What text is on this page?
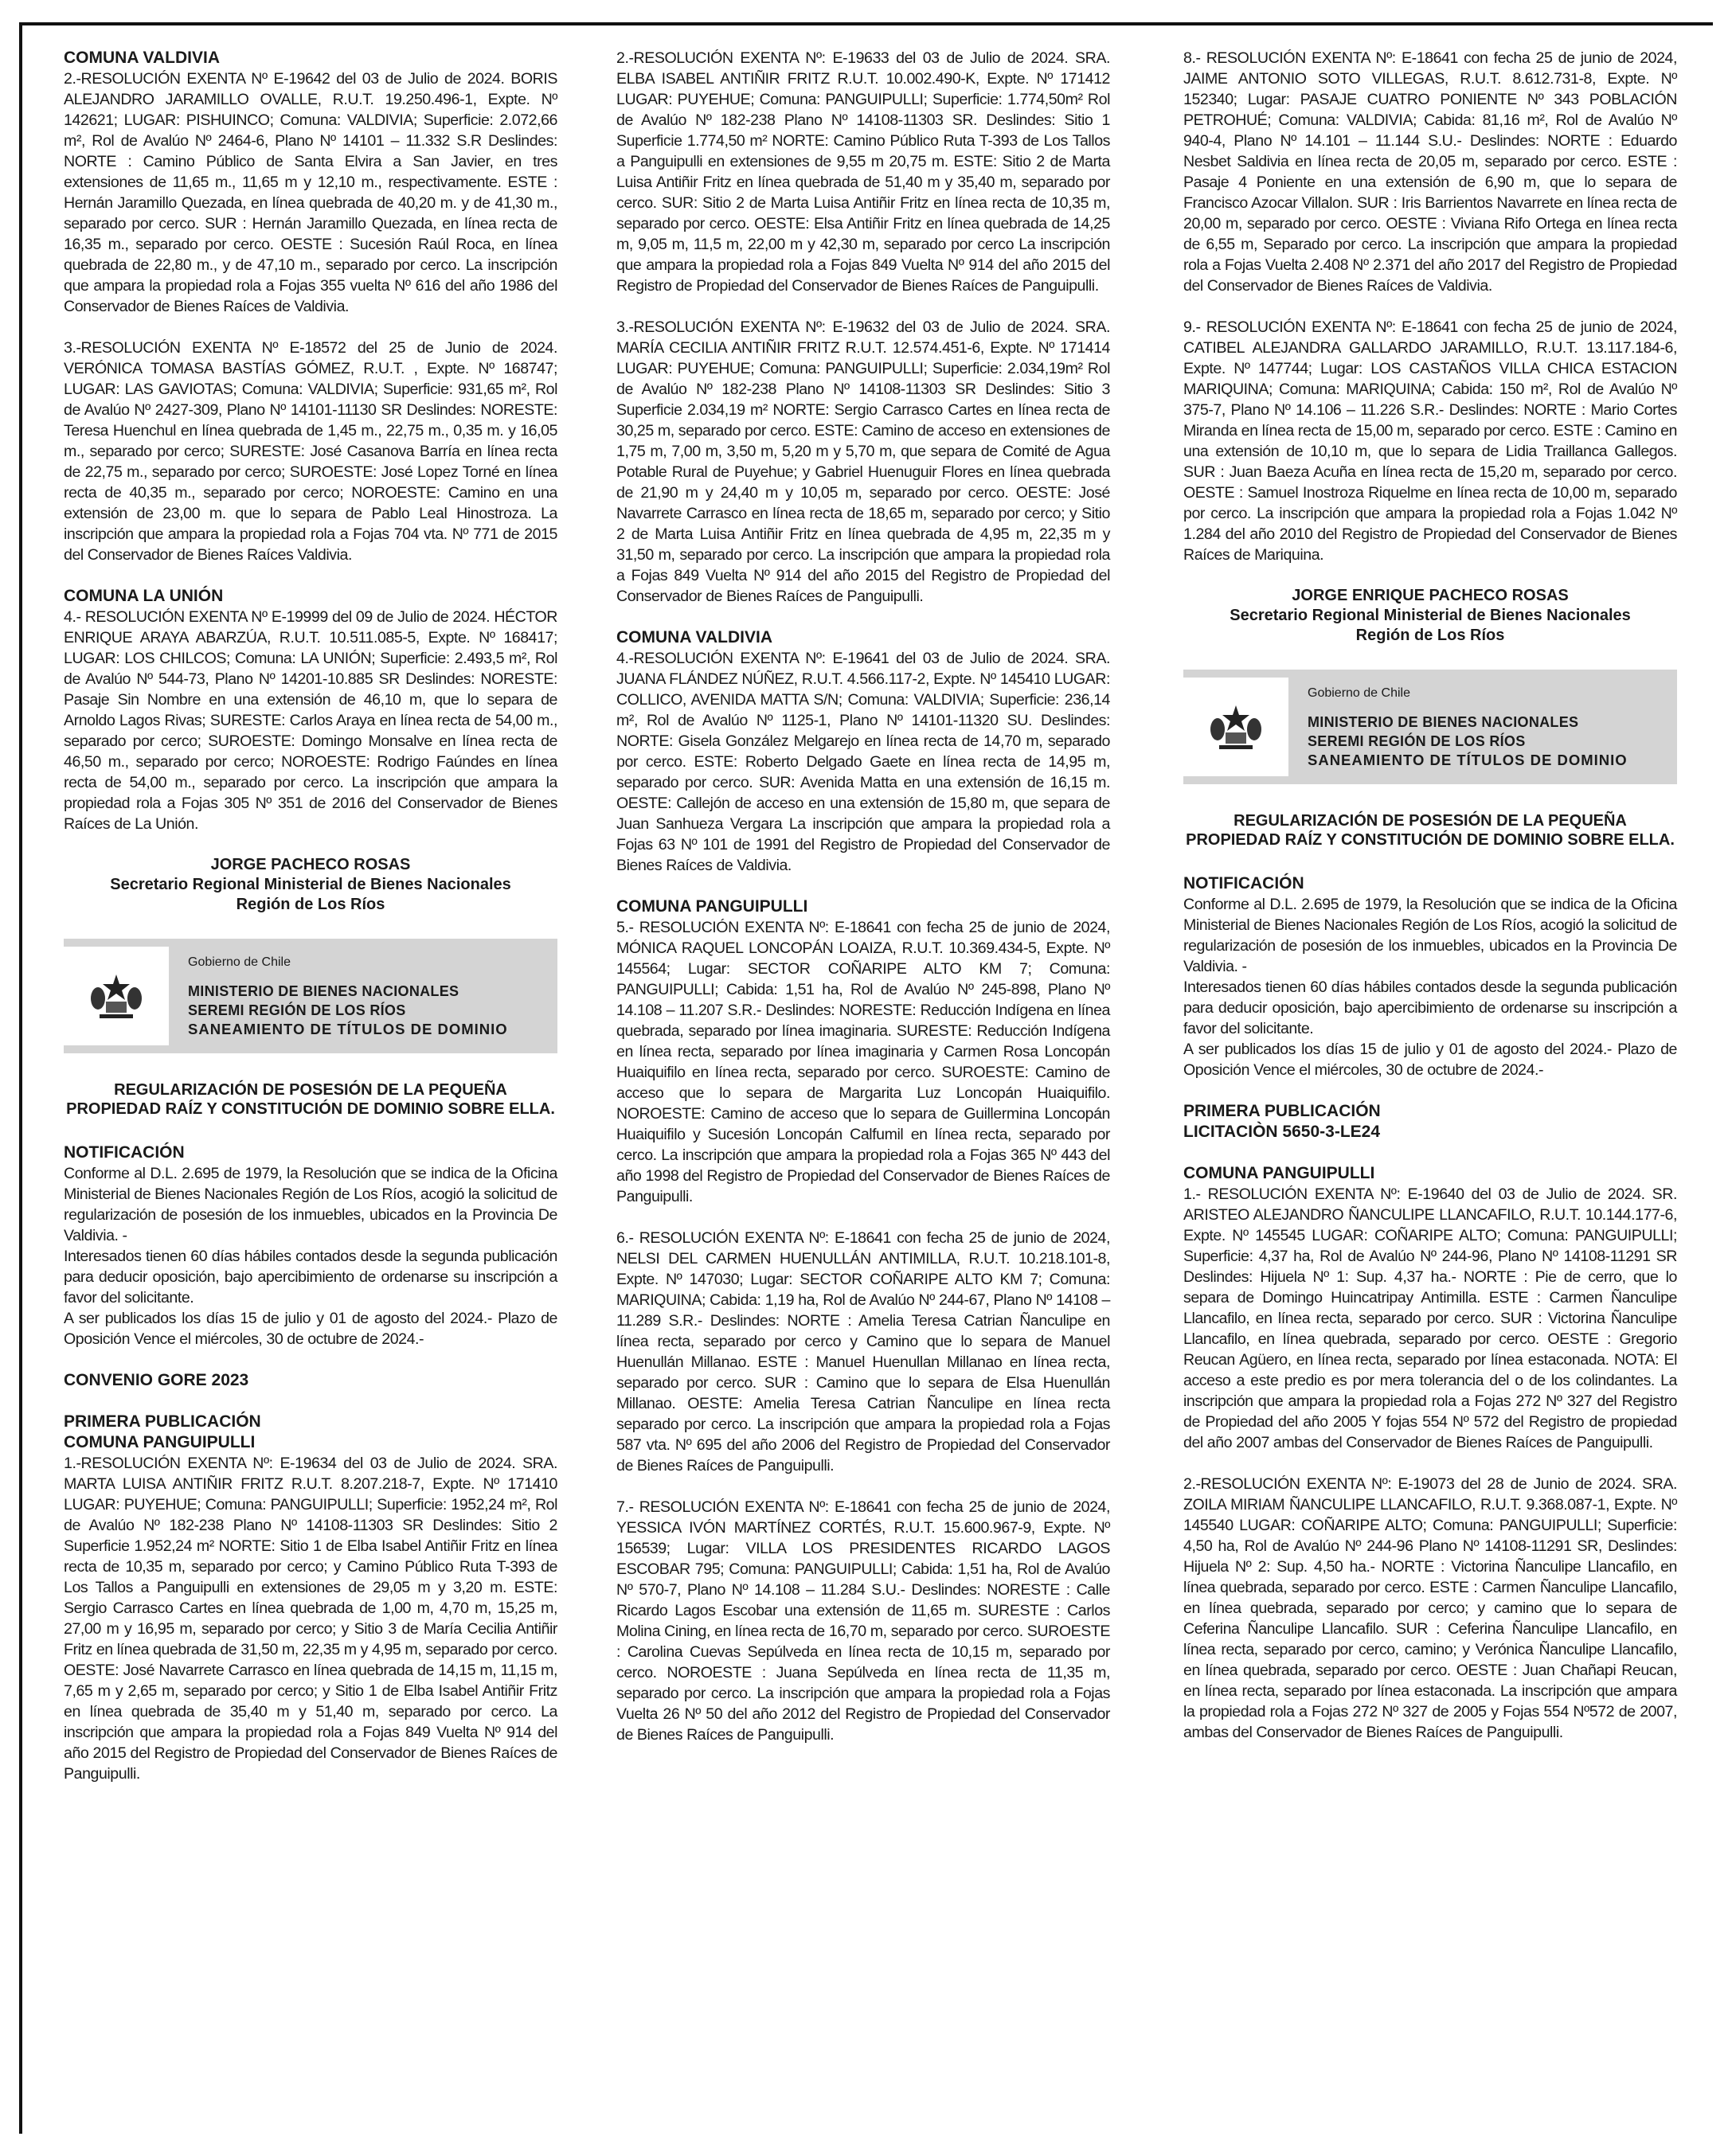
COMUNA VALDIVIA

2.-RESOLUCIÓN EXENTA Nº E-19642 del 03 de Julio de 2024. BORIS ALEJANDRO JARAMILLO OVALLE, R.U.T. 19.250.496-1, Expte. Nº 142621; LUGAR: PISHUINCO; Comuna: VALDIVIA; Superficie: 2.072,66 m², Rol de Avalúo Nº 2464-6, Plano Nº 14101 – 11.332 S.R Deslindes: NORTE : Camino Público de Santa Elvira a San Javier, en tres extensiones de 11,65 m., 11,65 m y 12,10 m., respectivamente. ESTE : Hernán Jaramillo Quezada, en línea quebrada de 40,20 m. y de 41,30 m., separado por cerco. SUR : Hernán Jaramillo Quezada, en línea recta de 16,35 m., separado por cerco. OESTE : Sucesión Raúl Roca, en línea quebrada de 22,80 m., y de 47,10 m., separado por cerco. La inscripción que ampara la propiedad rola a Fojas 355 vuelta Nº 616 del año 1986 del Conservador de Bienes Raíces de Valdivia.

3.-RESOLUCIÓN EXENTA Nº E-18572 del 25 de Junio de 2024. VERÓNICA TOMASA BASTÍAS GÓMEZ, R.U.T. , Expte. Nº 168747; LUGAR: LAS GAVIOTAS; Comuna: VALDIVIA; Superficie: 931,65 m², Rol de Avalúo Nº 2427-309, Plano Nº 14101-11130 SR Deslindes: NORESTE: Teresa Huenchul en línea quebrada de 1,45 m., 22,75 m., 0,35 m. y 16,05 m., separado por cerco; SURESTE: José Casanova Barría en línea recta de 22,75 m., separado por cerco; SUROESTE: José Lopez Torné en línea recta de 40,35 m., separado por cerco; NOROESTE: Camino en una extensión de 23,00 m. que lo separa de Pablo Leal Hinostroza. La inscripción que ampara la propiedad rola a Fojas 704 vta. Nº 771 de 2015 del Conservador de Bienes Raíces Valdivia.

COMUNA LA UNIÓN

4.- RESOLUCIÓN EXENTA Nº E-19999 del 09 de Julio de 2024. HÉCTOR ENRIQUE ARAYA ABARZÚA, R.U.T. 10.511.085-5, Expte. Nº 168417; LUGAR: LOS CHILCOS; Comuna: LA UNIÓN; Superficie: 2.493,5 m², Rol de Avalúo Nº 544-73, Plano Nº 14201-10.885 SR Deslindes: NORESTE: Pasaje Sin Nombre en una extensión de 46,10 m, que lo separa de Arnoldo Lagos Rivas; SURESTE: Carlos Araya en línea recta de 54,00 m., separado por cerco; SUROESTE: Domingo Monsalve en línea recta de 46,50 m., separado por cerco; NOROESTE: Rodrigo Faúndes en línea recta de 54,00 m., separado por cerco. La inscripción que ampara la propiedad rola a Fojas 305 Nº 351 de 2016 del Conservador de Bienes Raíces de La Unión.

JORGE PACHECO ROSAS
Secretario Regional Ministerial de Bienes Nacionales
Región de Los Ríos
Gobierno de Chile
MINISTERIO DE BIENES NACIONALES
SEREMI REGIÓN DE LOS RÍOS
SANEAMIENTO DE TÍTULOS DE DOMINIO
REGULARIZACIÓN DE POSESIÓN DE LA PEQUEÑA
PROPIEDAD RAÍZ Y CONSTITUCIÓN DE DOMINIO SOBRE ELLA.
NOTIFICACIÓN
Conforme al D.L. 2.695 de 1979, la Resolución que se indica de la Oficina Ministerial de Bienes Nacionales Región de Los Ríos, acogió la solicitud de regularización de posesión de los inmuebles, ubicados en la Provincia De Valdivia. -
Interesados tienen 60 días hábiles contados desde la segunda publicación para deducir oposición, bajo apercibimiento de ordenarse su inscripción a favor del solicitante.
A ser publicados los días 15 de julio y 01 de agosto del 2024.- Plazo de Oposición Vence el miércoles, 30 de octubre de 2024.-
CONVENIO GORE 2023
PRIMERA PUBLICACIÓN
COMUNA PANGUIPULLI

1.-RESOLUCIÓN EXENTA Nº: E-19634 del 03 de Julio de 2024. SRA. MARTA LUISA ANTIÑIR FRITZ R.U.T. 8.207.218-7, Expte. Nº 171410 LUGAR: PUYEHUE; Comuna: PANGUIPULLI; Superficie: 1952,24 m², Rol de Avalúo Nº 182-238 Plano Nº 14108-11303 SR Deslindes: Sitio 2 Superficie 1.952,24 m² NORTE: Sitio 1 de Elba Isabel Antiñir Fritz en línea recta de 10,35 m, separado por cerco; y Camino Público Ruta T-393 de Los Tallos a Panguipulli en extensiones de 29,05 m y 3,20 m. ESTE: Sergio Carrasco Cartes en línea quebrada de 1,00 m, 4,70 m, 15,25 m, 27,00 m y 16,95 m, separado por cerco; y Sitio 3 de María Cecilia Antiñir Fritz en línea quebrada de 31,50 m, 22,35 m y 4,95 m, separado por cerco. OESTE: José Navarrete Carrasco en línea quebrada de 14,15 m, 11,15 m, 7,65 m y 2,65 m, separado por cerco; y Sitio 1 de Elba Isabel Antiñir Fritz en línea quebrada de 35,40 m y 51,40 m, separado por cerco. La inscripción que ampara la propiedad rola a Fojas 849 Vuelta Nº 914 del año 2015 del Registro de Propiedad del Conservador de Bienes Raíces de Panguipulli.

2.-RESOLUCIÓN EXENTA Nº: E-19633 del 03 de Julio de 2024. SRA. ELBA ISABEL ANTIÑIR FRITZ R.U.T. 10.002.490-K, Expte. Nº 171412 LUGAR: PUYEHUE; Comuna: PANGUIPULLI; Superficie: 1.774,50m² Rol de Avalúo Nº 182-238 Plano Nº 14108-11303 SR. Deslindes: Sitio 1 Superficie 1.774,50 m² NORTE: Camino Público Ruta T-393 de Los Tallos a Panguipulli en extensiones de 9,55 m 20,75 m. ESTE: Sitio 2 de Marta Luisa Antiñir Fritz en línea quebrada de 51,40 m y 35,40 m, separado por cerco. SUR: Sitio 2 de Marta Luisa Antiñir Fritz en línea recta de 10,35 m, separado por cerco. OESTE: Elsa Antiñir Fritz en línea quebrada de 14,25 m, 9,05 m, 11,5 m, 22,00 m y 42,30 m, separado por cerco La inscripción que ampara la propiedad rola a Fojas 849 Vuelta Nº 914 del año 2015 del Registro de Propiedad del Conservador de Bienes Raíces de Panguipulli.

3.-RESOLUCIÓN EXENTA Nº: E-19632 del 03 de Julio de 2024. SRA. MARÍA CECILIA ANTIÑIR FRITZ R.U.T. 12.574.451-6, Expte. Nº 171414 LUGAR: PUYEHUE; Comuna: PANGUIPULLI; Superficie: 2.034,19m² Rol de Avalúo Nº 182-238 Plano Nº 14108-11303 SR Deslindes: Sitio 3 Superficie 2.034,19 m² NORTE: Sergio Carrasco Cartes en línea recta de 30,25 m, separado por cerco. ESTE: Camino de acceso en extensiones de 1,75 m, 7,00 m, 3,50 m, 5,20 m y 5,70 m, que separa de Comité de Agua Potable Rural de Puyehue; y Gabriel Huenuguir Flores en línea quebrada de 21,90 m y 24,40 m y 10,05 m, separado por cerco. OESTE: José Navarrete Carrasco en línea recta de 18,65 m, separado por cerco; y Sitio 2 de Marta Luisa Antiñir Fritz en línea quebrada de 4,95 m, 22,35 m y 31,50 m, separado por cerco. La inscripción que ampara la propiedad rola a Fojas 849 Vuelta Nº 914 del año 2015 del Registro de Propiedad del Conservador de Bienes Raíces de Panguipulli.

COMUNA VALDIVIA

4.-RESOLUCIÓN EXENTA Nº: E-19641 del 03 de Julio de 2024. SRA. JUANA FLÁNDEZ NÚÑEZ, R.U.T. 4.566.117-2, Expte. Nº 145410 LUGAR: COLLICO, AVENIDA MATTA S/N; Comuna: VALDIVIA; Superficie: 236,14 m², Rol de Avalúo Nº 1125-1, Plano Nº 14101-11320 SU. Deslindes: NORTE: Gisela González Melgarejo en línea recta de 14,70 m, separado por cerco. ESTE: Roberto Delgado Gaete en línea recta de 14,95 m, separado por cerco. SUR: Avenida Matta en una extensión de 16,15 m. OESTE: Callejón de acceso en una extensión de 15,80 m, que separa de Juan Sanhueza Vergara La inscripción que ampara la propiedad rola a Fojas 63 Nº 101 de 1991 del Registro de Propiedad del Conservador de Bienes Raíces de Valdivia.

COMUNA PANGUIPULLI

5.- RESOLUCIÓN EXENTA Nº: E-18641 con fecha 25 de junio de 2024, MÓNICA RAQUEL LONCOPÁN LOAIZA, R.U.T. 10.369.434-5, Expte. Nº 145564; Lugar: SECTOR COÑARIPE ALTO KM 7; Comuna: PANGUIPULLI; Cabida: 1,51 ha, Rol de Avalúo Nº 245-898, Plano Nº 14.108 – 11.207 S.R.- Deslindes: NORESTE: Reducción Indígena en línea quebrada, separado por línea imaginaria. SURESTE: Reducción Indígena en línea recta, separado por línea imaginaria y Carmen Rosa Loncopán Huaiquifilo en línea recta, separado por cerco. SUROESTE: Camino de acceso que lo separa de Margarita Luz Loncopán Huaiquifilo. NOROESTE: Camino de acceso que lo separa de Guillermina Loncopán Huaiquifilo y Sucesión Loncopán Calfumil en línea recta, separado por cerco. La inscripción que ampara la propiedad rola a Fojas 365 Nº 443 del año 1998 del Registro de Propiedad del Conservador de Bienes Raíces de Panguipulli.

6.- RESOLUCIÓN EXENTA Nº: E-18641 con fecha 25 de junio de 2024, NELSI DEL CARMEN HUENULLÁN ANTIMILLA, R.U.T. 10.218.101-8, Expte. Nº 147030; Lugar: SECTOR COÑARIPE ALTO KM 7; Comuna: MARIQUINA; Cabida: 1,19 ha, Rol de Avalúo Nº 244-67, Plano Nº 14108 – 11.289 S.R.- Deslindes: NORTE : Amelia Teresa Catrian Ñanculipe en línea recta, separado por cerco y Camino que lo separa de Manuel Huenullán Millanao. ESTE : Manuel Huenullan Millanao en línea recta, separado por cerco. SUR : Camino que lo separa de Elsa Huenullán Millanao. OESTE: Amelia Teresa Catrian Ñanculipe en línea recta separado por cerco. La inscripción que ampara la propiedad rola a Fojas 587 vta. Nº 695 del año 2006 del Registro de Propiedad del Conservador de Bienes Raíces de Panguipulli.

7.- RESOLUCIÓN EXENTA Nº: E-18641 con fecha 25 de junio de 2024, YESSICA IVÓN MARTÍNEZ CORTÉS, R.U.T. 15.600.967-9, Expte. Nº 156539; Lugar: VILLA LOS PRESIDENTES RICARDO LAGOS ESCOBAR 795; Comuna: PANGUIPULLI; Cabida: 1,51 ha, Rol de Avalúo Nº 570-7, Plano Nº 14.108 – 11.284 S.U.- Deslindes: NORESTE : Calle Ricardo Lagos Escobar una extensión de 11,65 m. SURESTE : Carlos Molina Cining, en línea recta de 16,70 m, separado por cerco. SUROESTE : Carolina Cuevas Sepúlveda en línea recta de 10,15 m, separado por cerco. NOROESTE : Juana Sepúlveda en línea recta de 11,35 m, separado por cerco. La inscripción que ampara la propiedad rola a Fojas Vuelta 26 Nº 50 del año 2012 del Registro de Propiedad del Conservador de Bienes Raíces de Panguipulli.

8.- RESOLUCIÓN EXENTA Nº: E-18641 con fecha 25 de junio de 2024, JAIME ANTONIO SOTO VILLEGAS, R.U.T. 8.612.731-8, Expte. Nº 152340; Lugar: PASAJE CUATRO PONIENTE Nº 343 POBLACIÓN PETROHUÉ; Comuna: VALDIVIA; Cabida: 81,16 m², Rol de Avalúo Nº 940-4, Plano Nº 14.101 – 11.144 S.U.- Deslindes: NORTE : Eduardo Nesbet Saldivia en línea recta de 20,05 m, separado por cerco. ESTE : Pasaje 4 Poniente en una extensión de 6,90 m, que lo separa de Francisco Azocar Villalon. SUR : Iris Barrientos Navarrete en línea recta de 20,00 m, separado por cerco. OESTE : Viviana Rifo Ortega en línea recta de 6,55 m, Separado por cerco. La inscripción que ampara la propiedad rola a Fojas Vuelta 2.408 Nº 2.371 del año 2017 del Registro de Propiedad del Conservador de Bienes Raíces de Valdivia.

9.- RESOLUCIÓN EXENTA Nº: E-18641 con fecha 25 de junio de 2024, CATIBEL ALEJANDRA GALLARDO JARAMILLO, R.U.T. 13.117.184-6, Expte. Nº 147744; Lugar: LOS CASTAÑOS VILLA CHICA ESTACION MARIQUINA; Comuna: MARIQUINA; Cabida: 150 m², Rol de Avalúo Nº 375-7, Plano Nº 14.106 – 11.226 S.R.- Deslindes: NORTE : Mario Cortes Miranda en línea recta de 15,00 m, separado por cerco. ESTE : Camino en una extensión de 10,10 m, que lo separa de Lidia Traillanca Gallegos. SUR : Juan Baeza Acuña en línea recta de 15,20 m, separado por cerco. OESTE : Samuel Inostroza Riquelme en línea recta de 10,00 m, separado por cerco. La inscripción que ampara la propiedad rola a Fojas 1.042 Nº 1.284 del año 2010 del Registro de Propiedad del Conservador de Bienes Raíces de Mariquina.

JORGE ENRIQUE PACHECO ROSAS
Secretario Regional Ministerial de Bienes Nacionales
Región de Los Ríos
Gobierno de Chile
MINISTERIO DE BIENES NACIONALES
SEREMI REGIÓN DE LOS RÍOS
SANEAMIENTO DE TÍTULOS DE DOMINIO
REGULARIZACIÓN DE POSESIÓN DE LA PEQUEÑA
PROPIEDAD RAÍZ Y CONSTITUCIÓN DE DOMINIO SOBRE ELLA.
NOTIFICACIÓN
Conforme al D.L. 2.695 de 1979, la Resolución que se indica de la Oficina Ministerial de Bienes Nacionales Región de Los Ríos, acogió la solicitud de regularización de posesión de los inmuebles, ubicados en la Provincia De Valdivia. -
Interesados tienen 60 días hábiles contados desde la segunda publicación para deducir oposición, bajo apercibimiento de ordenarse su inscripción a favor del solicitante.
A ser publicados los días 15 de julio y 01 de agosto del 2024.- Plazo de Oposición Vence el miércoles, 30 de octubre de 2024.-
PRIMERA PUBLICACIÓN
LICITACIÒN 5650-3-LE24
COMUNA PANGUIPULLI

1.- RESOLUCIÓN EXENTA Nº: E-19640 del 03 de Julio de 2024. SR. ARISTEO ALEJANDRO ÑANCULIPE LLANCAFILO, R.U.T. 10.144.177-6, Expte. Nº 145545 LUGAR: COÑARIPE ALTO; Comuna: PANGUIPULLI; Superficie: 4,37 ha, Rol de Avalúo Nº 244-96, Plano Nº 14108-11291 SR Deslindes: Hijuela Nº 1: Sup. 4,37 ha.- NORTE : Pie de cerro, que lo separa de Domingo Huincatripay Antimilla. ESTE : Carmen Ñanculipe Llancafilo, en línea recta, separado por cerco. SUR : Victorina Ñanculipe Llancafilo, en línea quebrada, separado por cerco. OESTE : Gregorio Reucan Agüero, en línea recta, separado por línea estaconada. NOTA: El acceso a este predio es por mera tolerancia del o de los colindantes. La inscripción que ampara la propiedad rola a Fojas 272 Nº 327 del Registro de Propiedad del año 2005 Y fojas 554 Nº 572 del Registro de propiedad del año 2007 ambas del Conservador de Bienes Raíces de Panguipulli.

2.-RESOLUCIÓN EXENTA Nº: E-19073 del 28 de Junio de 2024. SRA. ZOILA MIRIAM ÑANCULIPE LLANCAFILO, R.U.T. 9.368.087-1, Expte. Nº 145540 LUGAR: COÑARIPE ALTO; Comuna: PANGUIPULLI; Superficie: 4,50 ha, Rol de Avalúo Nº 244-96 Plano Nº 14108-11291 SR, Deslindes: Hijuela Nº 2: Sup. 4,50 ha.- NORTE : Victorina Ñanculipe Llancafilo, en línea quebrada, separado por cerco. ESTE : Carmen Ñanculipe Llancafilo, en línea quebrada, separado por cerco; y camino que lo separa de Ceferina Ñanculipe Llancafilo. SUR : Ceferina Ñanculipe Llancafilo, en línea recta, separado por cerco, camino; y Verónica Ñanculipe Llancafilo, en línea quebrada, separado por cerco. OESTE : Juan Chañapi Reucan, en línea recta, separado por línea estaconada. La inscripción que ampara la propiedad rola a Fojas 272 Nº 327 de 2005 y Fojas 554 Nº572 de 2007, ambas del Conservador de Bienes Raíces de Panguipulli.
